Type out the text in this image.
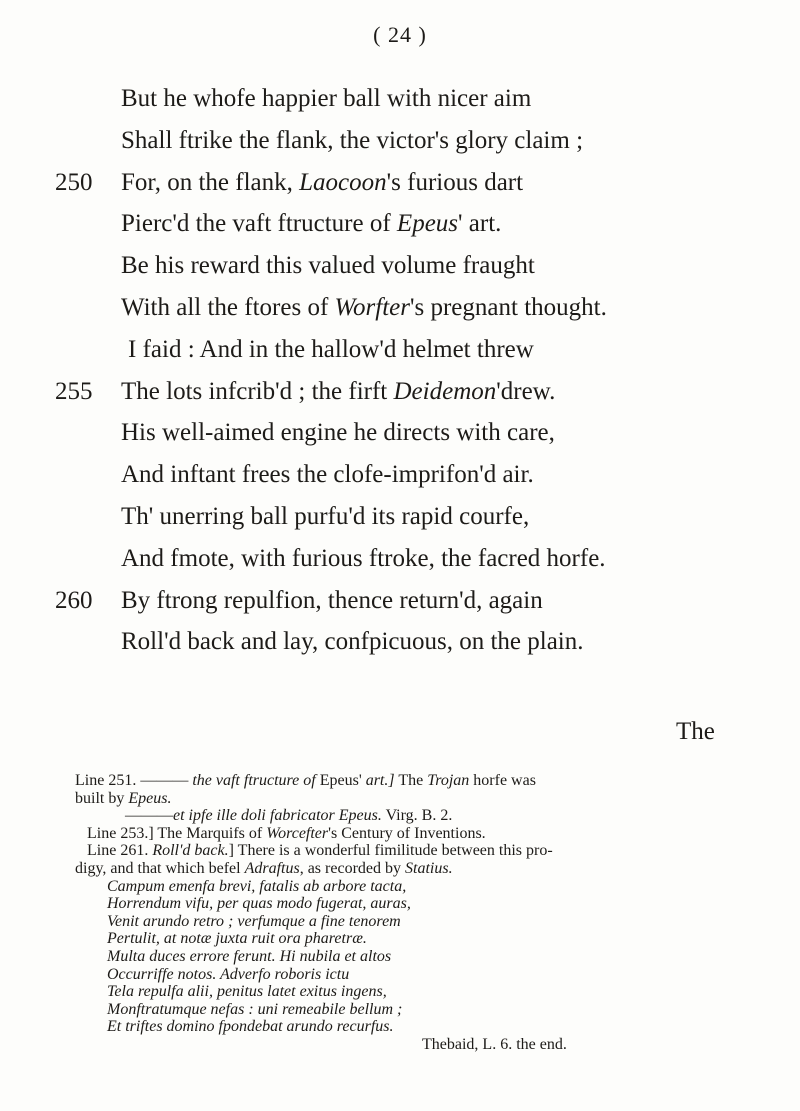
( 24 )
But he whofe happier ball with nicer aim
Shall ftrike the flank, the victor's glory claim ;
250	For, on the flank, Laocoon's furious dart
Pierc'd the vaft ftructure of Epeus' art.
Be his reward this valued volume fraught
With all the ftores of Worfter's pregnant thought.
I faid : And in the hallow'd helmet threw
255	The lots infcrib'd ; the firft Deidemon'drew.
His well-aimed engine he directs with care,
And inftant frees the clofe-imprifon'd air.
Th' unerring ball purfu'd its rapid courfe,
And fmote, with furious ftroke, the facred horfe.
260	By ftrong repulfion, thence return'd, again
Roll'd back and lay, confpicuous, on the plain.
The
Line 251. ——— the vaft ftructure of Epeus' art.] The Trojan horfe was
built by Epeus.
———et ipfe ille doli fabricator Epeus. Virg. B. 2.
Line 253.] The Marquifs of Worcefter's Century of Inventions.
Line 261. Roll'd back.] There is a wonderful fimilitude between this pro-
digy, and that which befel Adraftus, as recorded by Statius.
Campum emenfa brevi, fatalis ab arbore tacta,
Horrendum vifu, per quas modo fugerat, auras,
Venit arundo retro ; verfumque a fine tenorem
Pertulit, at notæ juxta ruit ora pharetræ.
Multa duces errore ferunt. Hi nubila et altos
Occurriffe notos. Adverfo roboris ictu
Tela repulfa alii, penitus latet exitus ingens,
Monftratumque nefas : uni remeabile bellum ;
Et triftes domino fpondebat arundo recurfus.
Thebaid, L. 6. the end.
